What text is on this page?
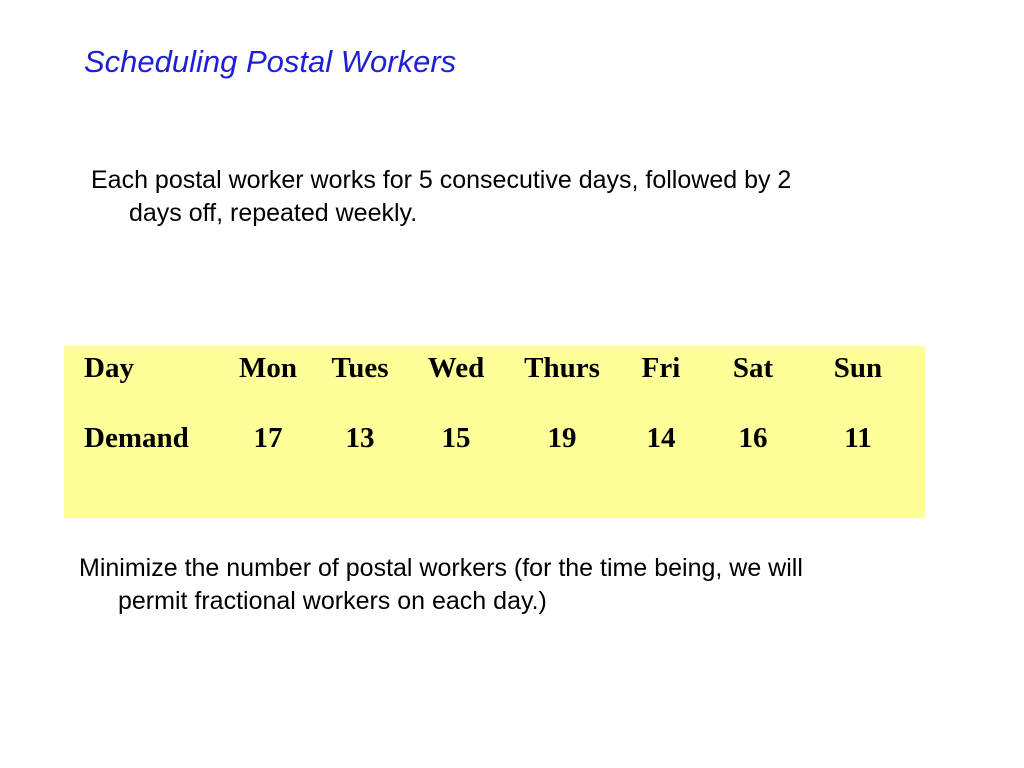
Scheduling Postal Workers
Each postal worker works for 5 consecutive days, followed by 2
days off, repeated weekly.
Day	Mon Tues Wed Thurs Fri Sat Sun
Demand 17 13 15	19 14 16	11
Minimize the number of postal workers (for the time being, we will
permit fractional workers on each day.)
